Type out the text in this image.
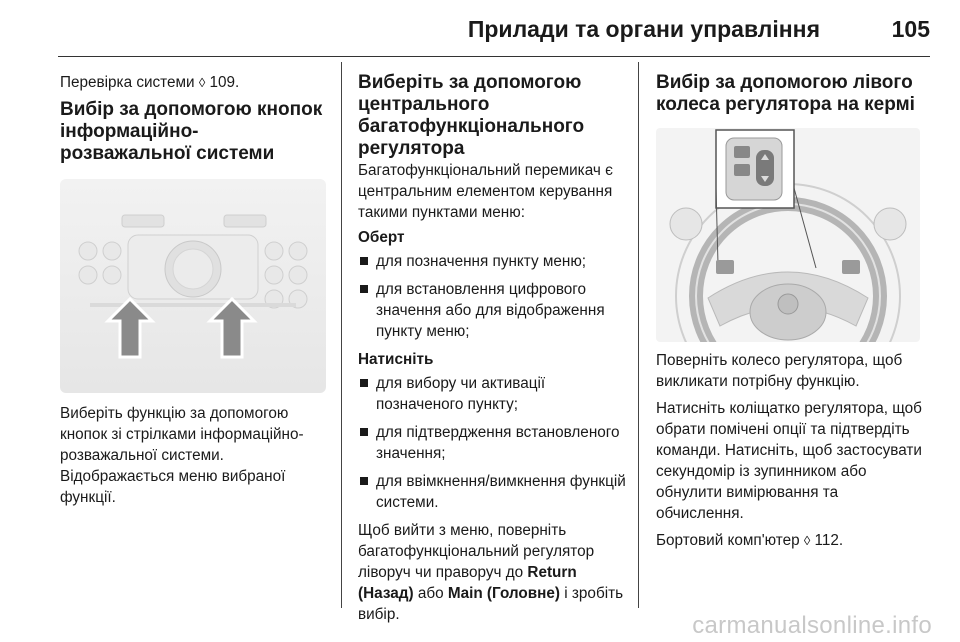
Прилади та органи управління	105

Перевірка системи ◊ 109.

Вибір за допомогою кнопок інформаційно-розважальної системи

Виберіть функцію за допомогою кнопок зі стрілками інформаційно-розважальної системи. Відображається меню вибраної функції.

Виберіть за допомогою центрального багатофункціонального регулятора

Багатофункціональний перемикач є центральним елементом керування такими пунктами меню:

Оберт
для позначення пункту меню;
для встановлення цифрового значення або для відображення пункту меню;
Натисніть
для вибору чи активації позначеного пункту;
для підтвердження встановленого значення;
для ввімкнення/вимкнення функцій системи.

Щоб вийти з меню, поверніть багатофункціональний регулятор ліворуч чи праворуч до Return (Назад) або Main (Головне) і зробіть вибір.

Вибір за допомогою лівого колеса регулятора на кермі

Поверніть колесо регулятора, щоб викликати потрібну функцію.

Натисніть коліщатко регулятора, щоб обрати помічені опції та підтвердіть команди. Натисніть, щоб застосувати секундомір із зупинником або обнулити вимірювання та обчислення.

Бортовий комп'ютер ◊ 112.

carmanualsonline.info
